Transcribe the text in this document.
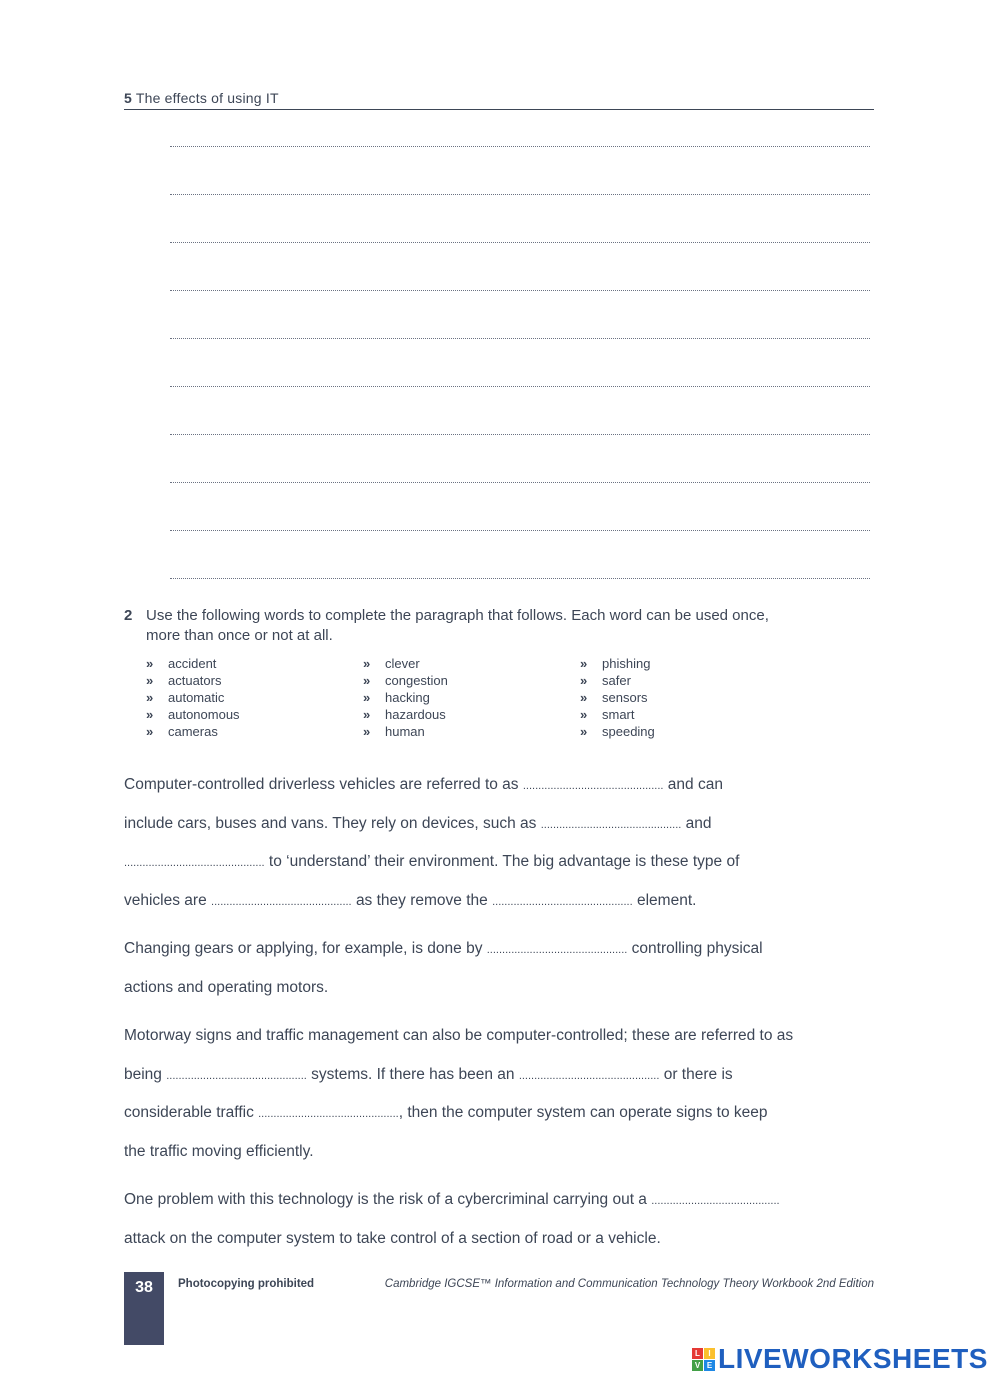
5 The effects of using IT
2 Use the following words to complete the paragraph that follows. Each word can be used once, more than once or not at all.
» accident
» actuators
» automatic
» autonomous
» cameras
» clever
» congestion
» hacking
» hazardous
» human
» phishing
» safer
» sensors
» smart
» speeding
Computer-controlled driverless vehicles are referred to as .............................................. and can
include cars, buses and vans. They rely on devices, such as .............................................. and
.............................................. to ‘understand’ their environment. The big advantage is these type of
vehicles are .............................................. as they remove the .............................................. element.
Changing gears or applying, for example, is done by .............................................. controlling physical
actions and operating motors.
Motorway signs and traffic management can also be computer-controlled; these are referred to as
being .............................................. systems. If there has been an .............................................. or there is
considerable traffic .............................................., then the computer system can operate signs to keep
the traffic moving efficiently.
One problem with this technology is the risk of a cybercriminal carrying out a ..........................................
attack on the computer system to take control of a section of road or a vehicle.
38	Photocopying prohibited	Cambridge IGCSE™ Information and Communication Technology Theory Workbook 2nd Edition
L	I
V E LIVEWORKSHEETS
